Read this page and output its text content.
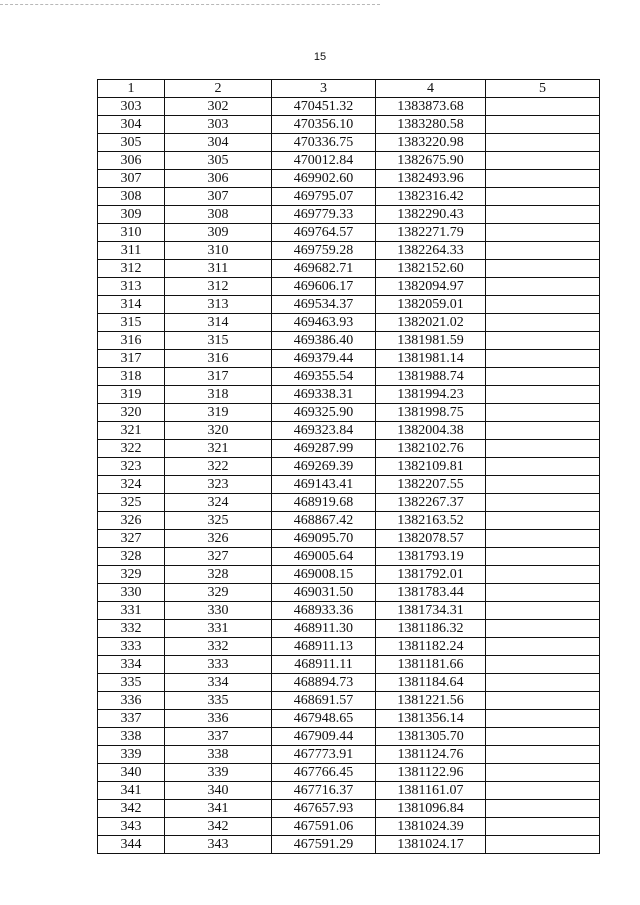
15
1	2	3	4	5
303	302	470451.32	1383873.68	
304	303	470356.10	1383280.58	
305	304	470336.75	1383220.98	
306	305	470012.84	1382675.90	
307	306	469902.60	1382493.96	
308	307	469795.07	1382316.42	
309	308	469779.33	1382290.43	
310	309	469764.57	1382271.79	
311	310	469759.28	1382264.33	
312	311	469682.71	1382152.60	
313	312	469606.17	1382094.97	
314	313	469534.37	1382059.01	
315	314	469463.93	1382021.02	
316	315	469386.40	1381981.59	
317	316	469379.44	1381981.14	
318	317	469355.54	1381988.74	
319	318	469338.31	1381994.23	
320	319	469325.90	1381998.75	
321	320	469323.84	1382004.38	
322	321	469287.99	1382102.76	
323	322	469269.39	1382109.81	
324	323	469143.41	1382207.55	
325	324	468919.68	1382267.37	
326	325	468867.42	1382163.52	
327	326	469095.70	1382078.57	
328	327	469005.64	1381793.19	
329	328	469008.15	1381792.01	
330	329	469031.50	1381783.44	
331	330	468933.36	1381734.31	
332	331	468911.30	1381186.32	
333	332	468911.13	1381182.24	
334	333	468911.11	1381181.66	
335	334	468894.73	1381184.64	
336	335	468691.57	1381221.56	
337	336	467948.65	1381356.14	
338	337	467909.44	1381305.70	
339	338	467773.91	1381124.76	
340	339	467766.45	1381122.96	
341	340	467716.37	1381161.07	
342	341	467657.93	1381096.84	
343	342	467591.06	1381024.39	
344	343	467591.29	1381024.17	
